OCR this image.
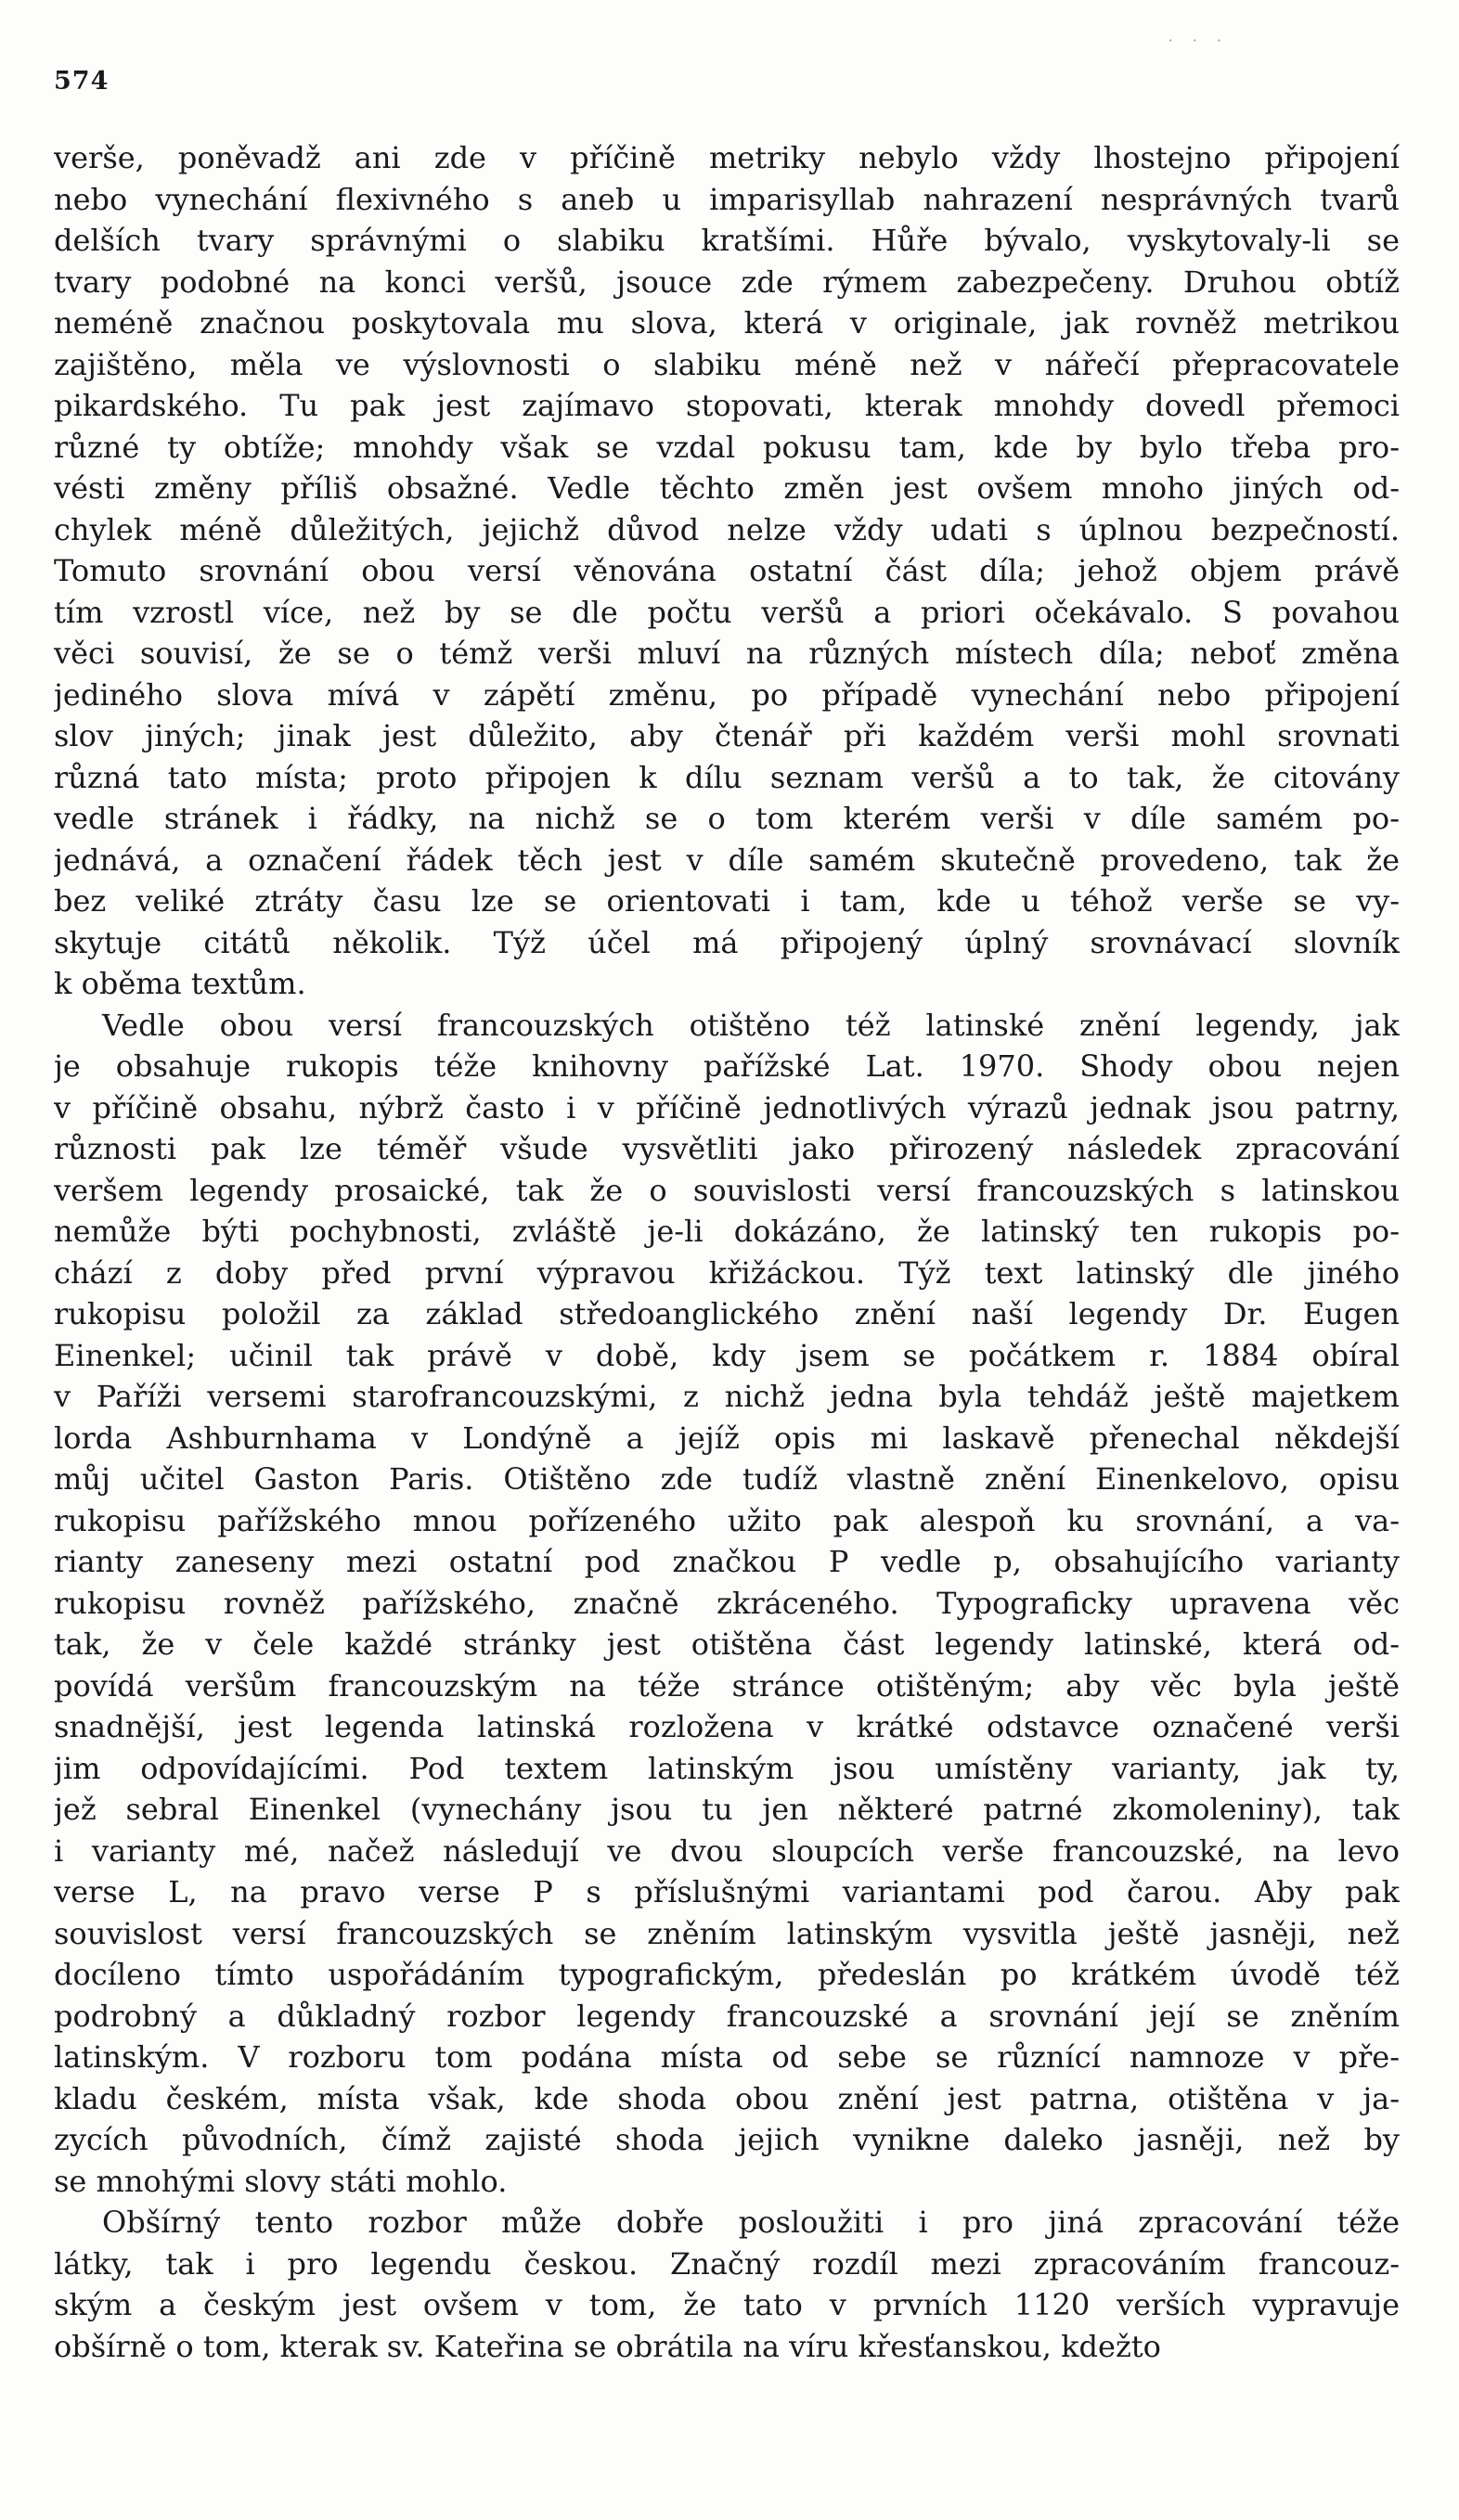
· · ·
574
verše, poněvadž ani zde v příčině metriky nebylo vždy lhostejno připojení
nebo vynechání flexivného s aneb u imparisyllab nahrazení nesprávných tvarů
delších tvary správnými o slabiku kratšími. Hůře bývalo, vyskytovaly-li se
tvary podobné na konci veršů, jsouce zde rýmem zabezpečeny. Druhou obtíž
neméně značnou poskytovala mu slova, která v originale, jak rovněž metrikou
zajištěno, měla ve výslovnosti o slabiku méně než v nářečí přepracovatele
pikardského. Tu pak jest zajímavo stopovati, kterak mnohdy dovedl přemoci
různé ty obtíže; mnohdy však se vzdal pokusu tam, kde by bylo třeba pro-
vésti změny příliš obsažné. Vedle těchto změn jest ovšem mnoho jiných od-
chylek méně důležitých, jejichž důvod nelze vždy udati s úplnou bezpečností.
Tomuto srovnání obou versí věnována ostatní část díla; jehož objem právě
tím vzrostl více, než by se dle počtu veršů a priori očekávalo. S povahou
věci souvisí, že se o témž verši mluví na různých místech díla; neboť změna
jediného slova mívá v zápětí změnu, po případě vynechání nebo připojení
slov jiných; jinak jest důležito, aby čtenář při každém verši mohl srovnati
různá tato místa; proto připojen k dílu seznam veršů a to tak, že citovány
vedle stránek i řádky, na nichž se o tom kterém verši v díle samém po-
jednává, a označení řádek těch jest v díle samém skutečně provedeno, tak že
bez veliké ztráty času lze se orientovati i tam, kde u téhož verše se vy-
skytuje citátů několik. Týž účel má připojený úplný srovnávací slovník
k oběma textům.
Vedle obou versí francouzských otištěno též latinské znění legendy, jak
je obsahuje rukopis téže knihovny pařížské Lat. 1970. Shody obou nejen
v příčině obsahu, nýbrž často i v příčině jednotlivých výrazů jednak jsou patrny,
různosti pak lze téměř všude vysvětliti jako přirozený následek zpracování
veršem legendy prosaické, tak že o souvislosti versí francouzských s latinskou
nemůže býti pochybnosti, zvláště je-li dokázáno, že latinský ten rukopis po-
chází z doby před první výpravou křižáckou. Týž text latinský dle jiného
rukopisu položil za základ středoanglického znění naší legendy Dr. Eugen
Einenkel; učinil tak právě v době, kdy jsem se počátkem r. 1884 obíral
v Paříži versemi starofrancouzskými, z nichž jedna byla tehdáž ještě majetkem
lorda Ashburnhama v Londýně a jejíž opis mi laskavě přenechal někdejší
můj učitel Gaston Paris. Otištěno zde tudíž vlastně znění Einenkelovo, opisu
rukopisu pařížského mnou pořízeného užito pak alespoň ku srovnání, a va-
rianty zaneseny mezi ostatní pod značkou P vedle p, obsahujícího varianty
rukopisu rovněž pařížského, značně zkráceného. Typograficky upravena věc
tak, že v čele každé stránky jest otištěna část legendy latinské, která od-
povídá veršům francouzským na téže stránce otištěným; aby věc byla ještě
snadnější, jest legenda latinská rozložena v krátké odstavce označené verši
jim odpovídajícími. Pod textem latinským jsou umístěny varianty, jak ty,
jež sebral Einenkel (vynechány jsou tu jen některé patrné zkomoleniny), tak
i varianty mé, načež následují ve dvou sloupcích verše francouzské, na levo
verse L, na pravo verse P s příslušnými variantami pod čarou. Aby pak
souvislost versí francouzských se zněním latinským vysvitla ještě jasněji, než
docíleno tímto uspořádáním typografickým, předeslán po krátkém úvodě též
podrobný a důkladný rozbor legendy francouzské a srovnání její se zněním
latinským. V rozboru tom podána místa od sebe se různící namnoze v pře-
kladu českém, místa však, kde shoda obou znění jest patrna, otištěna v ja-
zycích původních, čímž zajisté shoda jejich vynikne daleko jasněji, než by
se mnohými slovy státi mohlo.
Obšírný tento rozbor může dobře posloužiti i pro jiná zpracování téže
látky, tak i pro legendu českou. Značný rozdíl mezi zpracováním francouz-
ským a českým jest ovšem v tom, že tato v prvních 1120 verších vypravuje
obšírně o tom, kterak sv. Kateřina se obrátila na víru křesťanskou, kdežto
